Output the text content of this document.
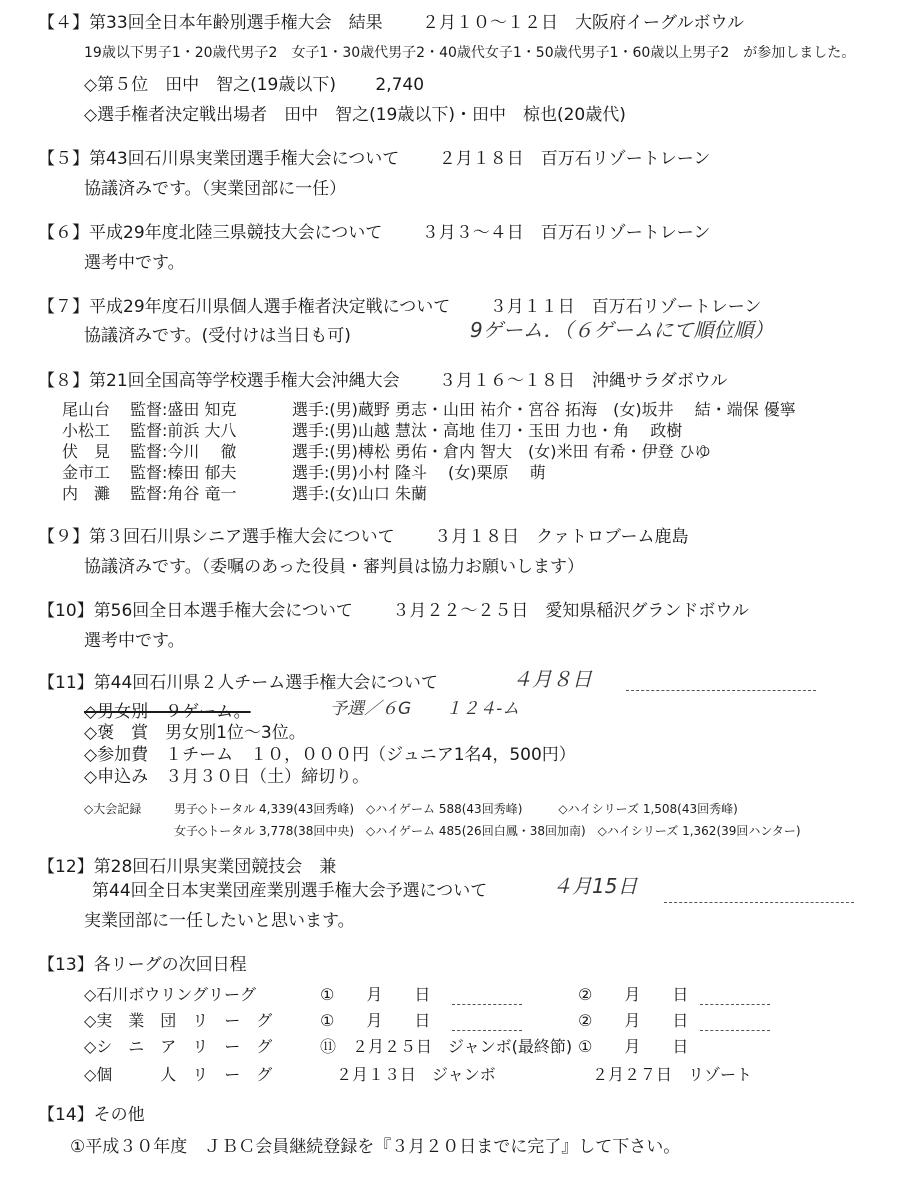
【４】第33回全日本年齢別選手権大会　結果　　 ２月１０～１２日　大阪府イーグルボウル
19歳以下男子1・20歳代男子2　女子1・30歳代男子2・40歳代女子1・50歳代男子1・60歳以上男子2　が参加しました。
◇第５位　田中　智之(19歳以下)　　 2,740
◇選手権者決定戦出場者　田中　智之(19歳以下)・田中　椋也(20歳代)
【５】第43回石川県実業団選手権大会について　　 ２月１８日　百万石リゾートレーン
協議済みです。（実業団部に一任）
【６】平成29年度北陸三県競技大会について　　 ３月３～４日　百万石リゾートレーン
選考中です。
【７】平成29年度石川県個人選手権者決定戦について　　 ３月１１日　百万石リゾートレーン
協議済みです。(受付けは当日も可)	9ゲーム．（６ゲームにて順位順）
【８】第21回全国高等学校選手権大会沖縄大会　　 ３月１６～１８日　沖縄サラダボウル
尾山台 監督:盛田 知克	選手:(男)蔵野 勇志・山田 祐介・宮谷 拓海　(女)坂井　 結・端保 優寧
小松工 監督:前浜 大八	選手:(男)山越 慧汰・高地 佳刀・玉田 力也・角　 政樹
伏　見 監督:今川　 徹	選手:(男)榑松 勇佑・倉内 智大　(女)米田 有希・伊登 ひゆ
金市工 監督:榛田 郁夫	選手:(男)小村 隆斗　 (女)栗原　 萌
内　灘 監督:角谷 竜一	選手:(女)山口 朱蘭
【９】第３回石川県シニア選手権大会について　　 ３月１８日　クァトロブーム鹿島
協議済みです。（委嘱のあった役員・審判員は協力お願いします）
【10】第56回全日本選手権大会について　　 ３月２２～２５日　愛知県稲沢グランドボウル
選考中です。
【11】第44回石川県２人チーム選手権大会について	４月８日
◇男女別　９ゲーム。	予選／６G　　１２４-ム
◇褒　賞　男女別1位～3位。
◇参加費　１チーム　１０，０００円（ジュニア1名4，500円）
◇申込み　３月３０日（土）締切り。
◇大会記録	男子◇トータル 4,339(43回秀峰)　◇ハイゲーム 588(43回秀峰)　　　◇ハイシリーズ 1,508(43回秀峰)
女子◇トータル 3,778(38回中央)　◇ハイゲーム 485(26回白鳳・38回加南)　◇ハイシリーズ 1,362(39回ハンター)
【12】第28回石川県実業団競技会　兼
第44回全日本実業団産業別選手権大会予選について	４月15日
実業団部に一任したいと思います。
【13】各リーグの次回日程
◇石川ボウリングリーグ	①　　月　　日	②　　月　　日
◇実　業　団　リ　ー　グ	①　　月　　日	②　　月　　日
◇シ　ニ　ア　リ　ー　グ	⑪　２月２５日　ジャンボ(最終節) ①　　月　　日
◇個　　　人　リ　ー　グ	　２月１３日　ジャンボ	２月２７日　リゾート
【14】その他
①平成３０年度　ＪＢＣ会員継続登録を『３月２０日までに完了』して下さい。
